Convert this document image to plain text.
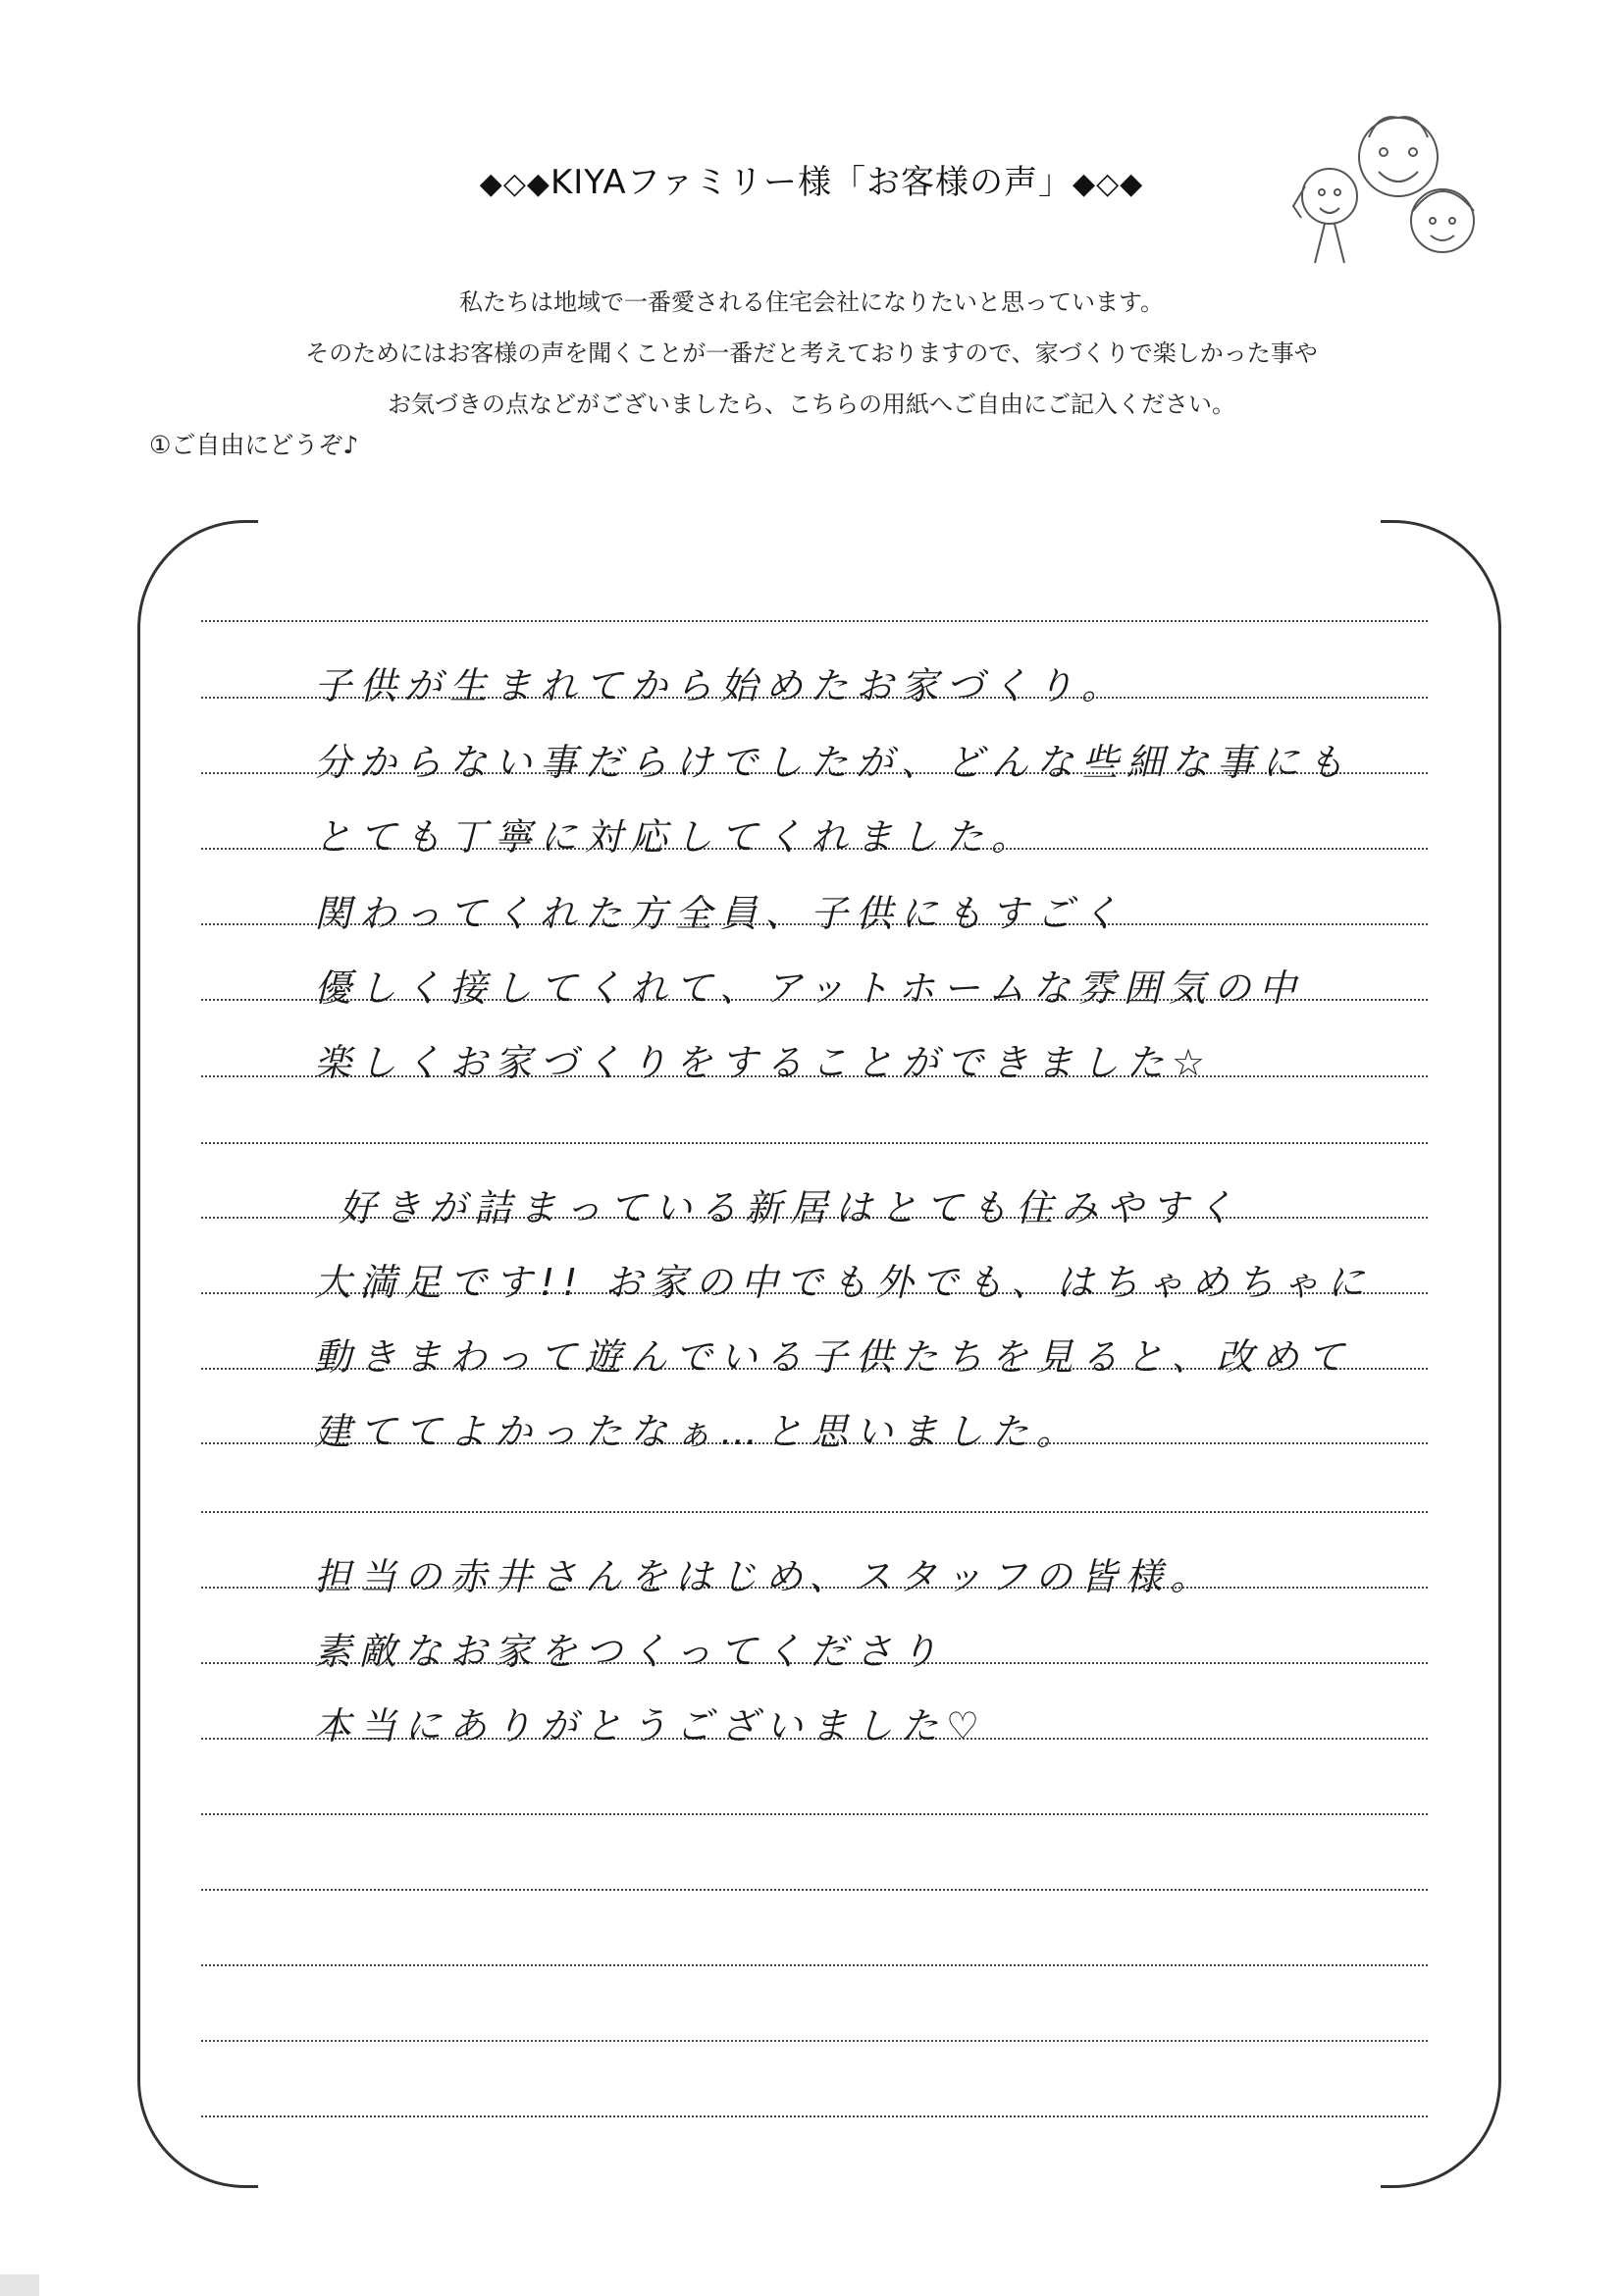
◆◇◆KIYAファミリー様「お客様の声」◆◇◆
私たちは地域で一番愛される住宅会社になりたいと思っています。
そのためにはお客様の声を聞くことが一番だと考えておりますので、家づくりで楽しかった事や
お気づきの点などがございましたら、こちらの用紙へご自由にご記入ください。
①ご自由にどうぞ♪
子供が生まれてから始めたお家づくり。
分からない事だらけでしたが、どんな些細な事にも
とても丁寧に対応してくれました。
関わってくれた方全員、子供にもすごく
優しく接してくれて、アットホームな雰囲気の中
楽しくお家づくりをすることができました☆
好きが詰まっている新居はとても住みやすく
大満足です!! お家の中でも外でも、はちゃめちゃに
動きまわって遊んでいる子供たちを見ると、改めて
建ててよかったなぁ…と思いました。
担当の赤井さんをはじめ、スタッフの皆様。
素敵なお家をつくってくださり
本当にありがとうございました♡
